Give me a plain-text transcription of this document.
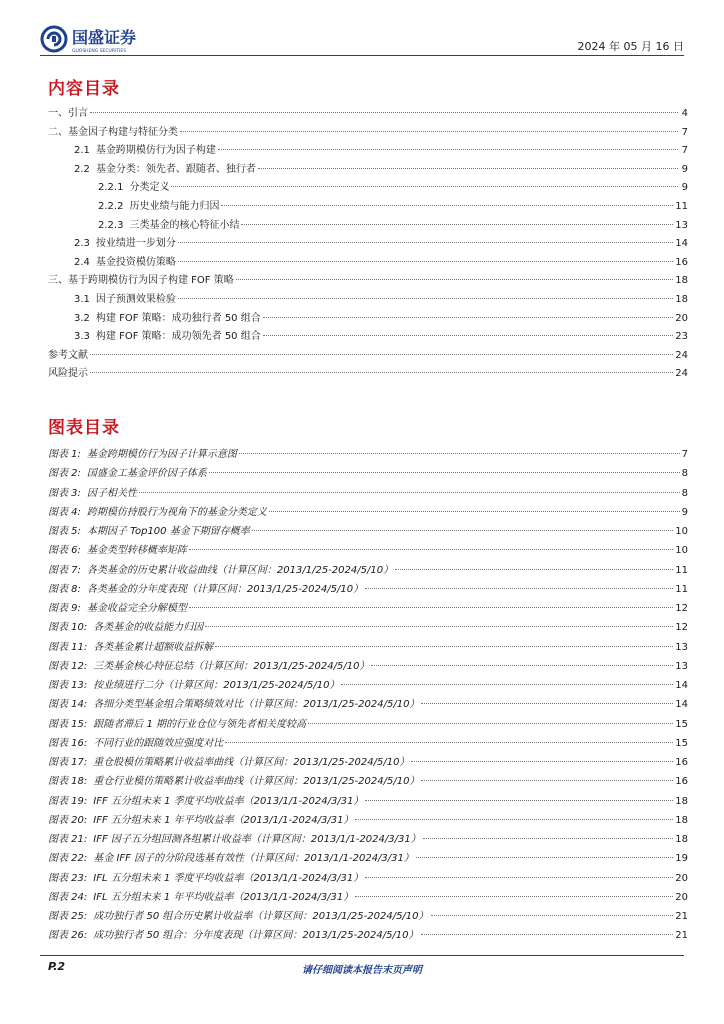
国盛证券
GUOSHENG SECURITIES	2024 年 05 月 16 日
内容目录
一、引言	4
二、基金因子构建与特征分类	7
2.1 基金跨期模仿行为因子构建	7
2.2 基金分类：领先者、跟随者、独行者	9
2.2.1 分类定义	9
2.2.2 历史业绩与能力归因	11
2.2.3 三类基金的核心特征小结	13
2.3 按业绩进一步划分	14
2.4 基金投资模仿策略	16
三、基于跨期模仿行为因子构建 FOF 策略	18
3.1 因子预测效果检验	18
3.2 构建 FOF 策略：成功独行者 50 组合	20
3.3 构建 FOF 策略：成功领先者 50 组合	23
参考文献	24
风险提示	24
图表目录
图表 1: 基金跨期模仿行为因子计算示意图	7
图表 2: 国盛金工基金评价因子体系	8
图表 3: 因子相关性	8
图表 4: 跨期模仿持股行为视角下的基金分类定义	9
图表 5: 本期因子 Top100 基金下期留存概率	10
图表 6: 基金类型转移概率矩阵	10
图表 7: 各类基金的历史累计收益曲线（计算区间：2013/1/25-2024/5/10）	11
图表 8: 各类基金的分年度表现（计算区间：2013/1/25-2024/5/10）	11
图表 9: 基金收益完全分解模型	12
图表 10: 各类基金的收益能力归因	12
图表 11: 各类基金累计超额收益拆解	13
图表 12: 三类基金核心特征总结（计算区间：2013/1/25-2024/5/10）	13
图表 13: 按业绩进行二分（计算区间：2013/1/25-2024/5/10）	14
图表 14: 各细分类型基金组合策略绩效对比（计算区间：2013/1/25-2024/5/10）	14
图表 15: 跟随者滞后 1 期的行业仓位与领先者相关度较高	15
图表 16: 不同行业的跟随效应强度对比	15
图表 17: 重仓股模仿策略累计收益率曲线（计算区间：2013/1/25-2024/5/10）	16
图表 18: 重仓行业模仿策略累计收益率曲线（计算区间：2013/1/25-2024/5/10）	16
图表 19: IFF 五分组未来 1 季度平均收益率（2013/1/1-2024/3/31）	18
图表 20: IFF 五分组未来 1 年平均收益率（2013/1/1-2024/3/31）	18
图表 21: IFF 因子五分组回测各组累计收益率（计算区间：2013/1/1-2024/3/31）	18
图表 22: 基金 IFF 因子的分阶段选基有效性（计算区间：2013/1/1-2024/3/31）	19
图表 23: IFL 五分组未来 1 季度平均收益率（2013/1/1-2024/3/31）	20
图表 24: IFL 五分组未来 1 年平均收益率（2013/1/1-2024/3/31）	20
图表 25: 成功独行者 50 组合历史累计收益率（计算区间：2013/1/25-2024/5/10）	21
图表 26: 成功独行者 50 组合：分年度表现（计算区间：2013/1/25-2024/5/10）	21
P.2	请仔细阅读本报告末页声明
